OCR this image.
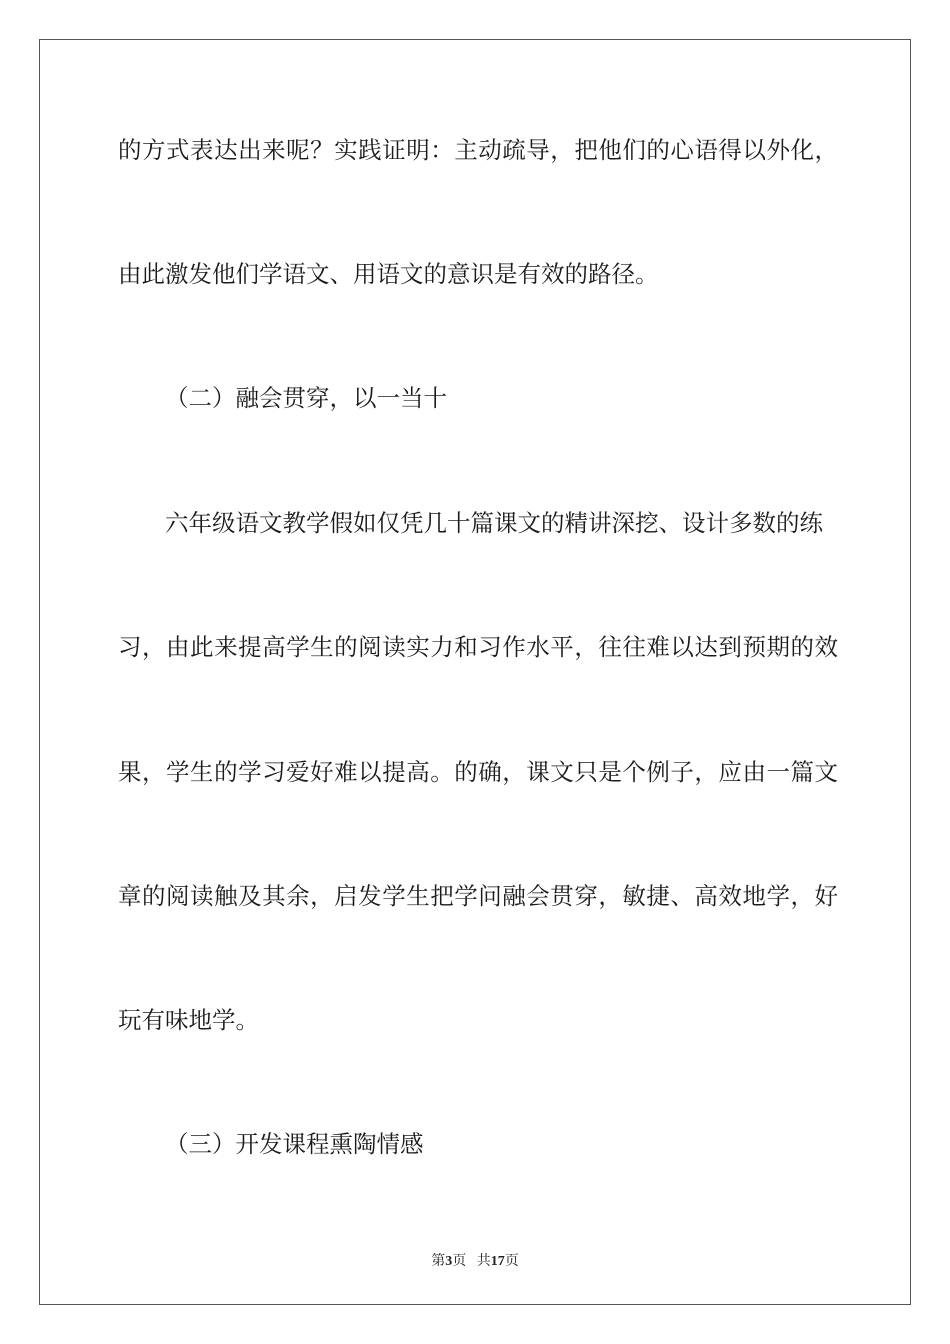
的方式表达出来呢？实践证明：主动疏导，把他们的心语得以外化，
由此激发他们学语文、用语文的意识是有效的路径。
（二）融会贯穿，以一当十
六年级语文教学假如仅凭几十篇课文的精讲深挖、设计多数的练
习，由此来提高学生的阅读实力和习作水平，往往难以达到预期的效
果，学生的学习爱好难以提高。的确，课文只是个例子，应由一篇文
章的阅读触及其余，启发学生把学问融会贯穿，敏捷、高效地学，好
玩有味地学。
（三）开发课程熏陶情感
第3页 共17页
